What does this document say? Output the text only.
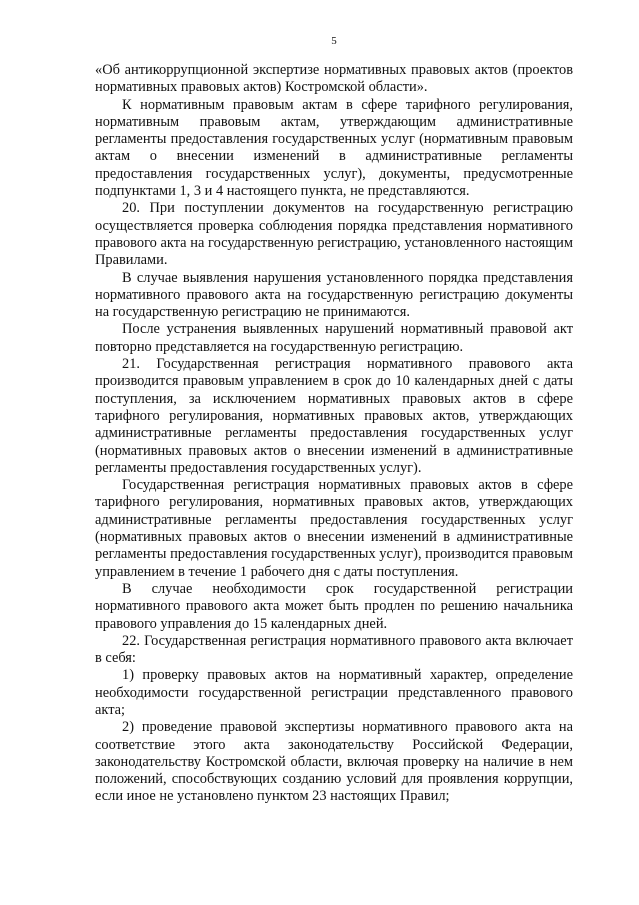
5

«Об антикоррупционной экспертизе нормативных правовых актов (проектов нормативных правовых актов) Костромской области».

К нормативным правовым актам в сфере тарифного регулирования, нормативным правовым актам, утверждающим административные регламенты предоставления государственных услуг (нормативным правовым актам о внесении изменений в административные регламенты предоставления государственных услуг), документы, предусмотренные подпунктами 1, 3 и 4 настоящего пункта, не представляются.

20. При поступлении документов на государственную регистрацию осуществляется проверка соблюдения порядка представления нормативного правового акта на государственную регистрацию, установленного настоящим Правилами.

В случае выявления нарушения установленного порядка представления нормативного правового акта на государственную регистрацию документы на государственную регистрацию не принимаются.

После устранения выявленных нарушений нормативный правовой акт повторно представляется на государственную регистрацию.

21. Государственная регистрация нормативного правового акта производится правовым управлением в срок до 10 календарных дней с даты поступления, за исключением нормативных правовых актов в сфере тарифного регулирования, нормативных правовых актов, утверждающих административные регламенты предоставления государственных услуг (нормативных правовых актов о внесении изменений в административные регламенты предоставления государственных услуг).

Государственная регистрация нормативных правовых актов в сфере тарифного регулирования, нормативных правовых актов, утверждающих административные регламенты предоставления государственных услуг (нормативных правовых актов о внесении изменений в административные регламенты предоставления государственных услуг), производится правовым управлением в течение 1 рабочего дня с даты поступления.

В случае необходимости срок государственной регистрации нормативного правового акта может быть продлен по решению начальника правового управления до 15 календарных дней.

22. Государственная регистрация нормативного правового акта включает в себя:

1) проверку правовых актов на нормативный характер, определение необходимости государственной регистрации представленного правового акта;

2) проведение правовой экспертизы нормативного правового акта на соответствие этого акта законодательству Российской Федерации, законодательству Костромской области, включая проверку на наличие в нем положений, способствующих созданию условий для проявления коррупции, если иное не установлено пунктом 23 настоящих Правил;
